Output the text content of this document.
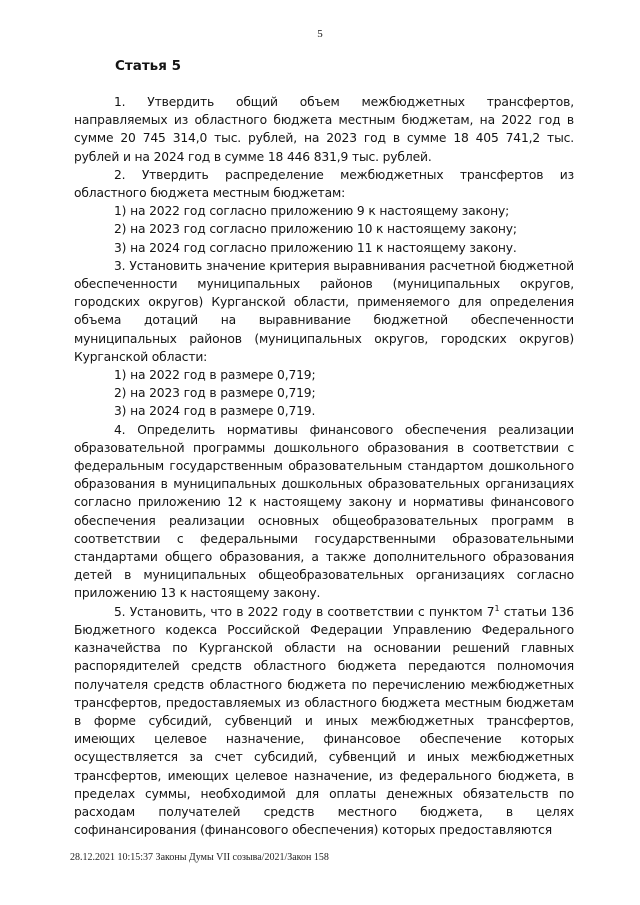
5
Статья 5

1. Утвердить общий объем межбюджетных трансфертов, направляемых из областного бюджета местным бюджетам, на 2022 год в сумме 20 745 314,0 тыс. рублей, на 2023 год в сумме 18 405 741,2 тыс. рублей и на 2024 год в сумме 18 446 831,9 тыс. рублей.

2. Утвердить распределение межбюджетных трансфертов из областного бюджета местным бюджетам:

1) на 2022 год согласно приложению 9 к настоящему закону;

2) на 2023 год согласно приложению 10 к настоящему закону;

3) на 2024 год согласно приложению 11 к настоящему закону.

3. Установить значение критерия выравнивания расчетной бюджетной обеспеченности муниципальных районов (муниципальных округов, городских округов) Курганской области, применяемого для определения объема дотаций на выравнивание бюджетной обеспеченности муниципальных районов (муниципальных округов, городских округов) Курганской области:

1) на 2022 год в размере 0,719;

2) на 2023 год в размере 0,719;

3) на 2024 год в размере 0,719.

4. Определить нормативы финансового обеспечения реализации образовательной программы дошкольного образования в соответствии с федеральным государственным образовательным стандартом дошкольного образования в муниципальных дошкольных образовательных организациях согласно приложению 12 к настоящему закону и нормативы финансового обеспечения реализации основных общеобразовательных программ в соответствии с федеральными государственными образовательными стандартами общего образования, а также дополнительного образования детей в муниципальных общеобразовательных организациях согласно приложению 13 к настоящему закону.

5. Установить, что в 2022 году в соответствии с пунктом $7^1$ статьи 136 Бюджетного кодекса Российской Федерации Управлению Федерального казначейства по Курганской области на основании решений главных распорядителей средств областного бюджета передаются полномочия получателя средств областного бюджета по перечислению межбюджетных трансфертов, предоставляемых из областного бюджета местным бюджетам в форме субсидий, субвенций и иных межбюджетных трансфертов, имеющих целевое назначение, финансовое обеспечение которых осуществляется за счет субсидий, субвенций и иных межбюджетных трансфертов, имеющих целевое назначение, из федерального бюджета, в пределах суммы, необходимой для оплаты денежных обязательств по расходам получателей средств местного бюджета, в целях софинансирования (финансового обеспечения) которых предоставляются

28.12.2021 10:15:37 Законы Думы VII созыва/2021/Закон 158
